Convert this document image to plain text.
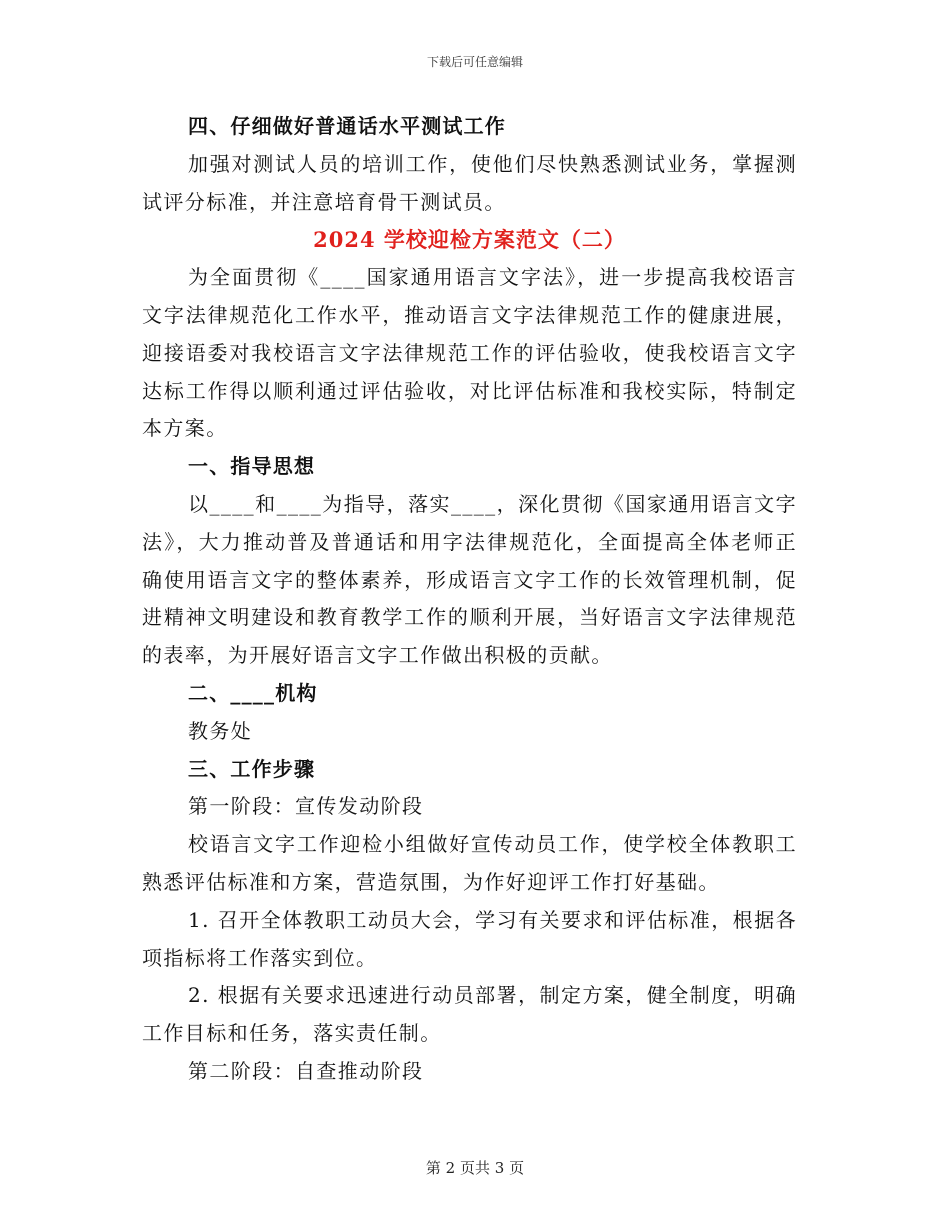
下载后可任意编辑
四、仔细做好普通话水平测试工作
加强对测试人员的培训工作，使他们尽快熟悉测试业务，掌握测
试评分标准，并注意培育骨干测试员。
2024 学校迎检方案范文（二）
为全面贯彻《____国家通用语言文字法》，进一步提高我校语言
文字法律规范化工作水平，推动语言文字法律规范工作的健康进展，
迎接语委对我校语言文字法律规范工作的评估验收，使我校语言文字
达标工作得以顺利通过评估验收，对比评估标准和我校实际，特制定
本方案。
一、指导思想
以____和____为指导，落实____，深化贯彻《国家通用语言文字
法》，大力推动普及普通话和用字法律规范化，全面提高全体老师正
确使用语言文字的整体素养，形成语言文字工作的长效管理机制，促
进精神文明建设和教育教学工作的顺利开展，当好语言文字法律规范
的表率，为开展好语言文字工作做出积极的贡献。
二、____机构
教务处
三、工作步骤
第一阶段：宣传发动阶段
校语言文字工作迎检小组做好宣传动员工作，使学校全体教职工
熟悉评估标准和方案，营造氛围，为作好迎评工作打好基础。
1. 召开全体教职工动员大会，学习有关要求和评估标准，根据各
项指标将工作落实到位。
2. 根据有关要求迅速进行动员部署，制定方案，健全制度，明确
工作目标和任务，落实责任制。
第二阶段：自查推动阶段
第 2 页共 3 页
